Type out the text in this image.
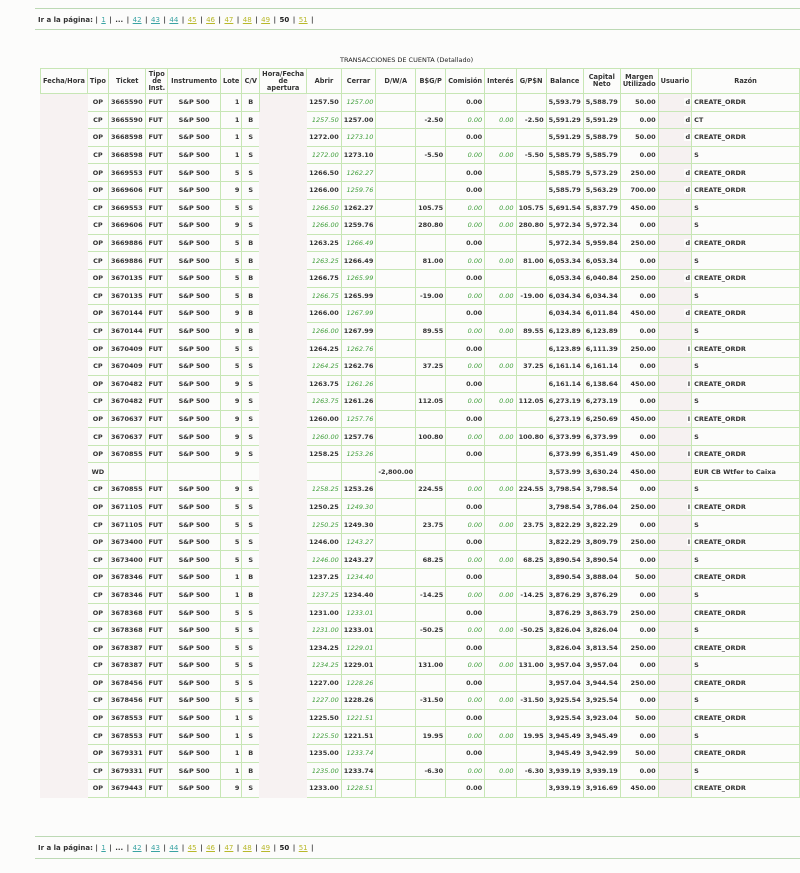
Ir a la página: | 1 | ... | 42 | 43 | 44 | 45 | 46 | 47 | 48 | 49 | 50 | 51 |
TRANSACCIONES DE CUENTA (Detallado)
Fecha/Hora	Tipo	Ticket	Tipo de Inst.	Instrumento	Lote	C/V	Hora/Fecha de apertura	Abrir	Cerrar	D/W/A	B$G/P	Comisión	Interés	G/P$N	Balance	Capital Neto	Margen Utilizado	Usuario	Razón
	OP	3665590	FUT	S&P 500	1	B		1257.50	1257.00			0.00			5,593.79	5,588.79	50.00	d	CREATE_ORDR
	CP	3665590	FUT	S&P 500	1	B		1257.50	1257.00		-2.50	0.00	0.00	-2.50	5,591.29	5,591.29	0.00	d	CT
	OP	3668598	FUT	S&P 500	1	S		1272.00	1273.10			0.00			5,591.29	5,588.79	50.00	d	CREATE_ORDR
	CP	3668598	FUT	S&P 500	1	S		1272.00	1273.10		-5.50	0.00	0.00	-5.50	5,585.79	5,585.79	0.00		S
	OP	3669553	FUT	S&P 500	5	S		1266.50	1262.27			0.00			5,585.79	5,573.29	250.00	d	CREATE_ORDR
	OP	3669606	FUT	S&P 500	9	S		1266.00	1259.76			0.00			5,585.79	5,563.29	700.00	d	CREATE_ORDR
	CP	3669553	FUT	S&P 500	5	S		1266.50	1262.27		105.75	0.00	0.00	105.75	5,691.54	5,837.79	450.00		S
	CP	3669606	FUT	S&P 500	9	S		1266.00	1259.76		280.80	0.00	0.00	280.80	5,972.34	5,972.34	0.00		S
	OP	3669886	FUT	S&P 500	5	B		1263.25	1266.49			0.00			5,972.34	5,959.84	250.00	d	CREATE_ORDR
	CP	3669886	FUT	S&P 500	5	B		1263.25	1266.49		81.00	0.00	0.00	81.00	6,053.34	6,053.34	0.00		S
	OP	3670135	FUT	S&P 500	5	B		1266.75	1265.99			0.00			6,053.34	6,040.84	250.00	d	CREATE_ORDR
	CP	3670135	FUT	S&P 500	5	B		1266.75	1265.99		-19.00	0.00	0.00	-19.00	6,034.34	6,034.34	0.00		S
	OP	3670144	FUT	S&P 500	9	B		1266.00	1267.99			0.00			6,034.34	6,011.84	450.00	d	CREATE_ORDR
	CP	3670144	FUT	S&P 500	9	B		1266.00	1267.99		89.55	0.00	0.00	89.55	6,123.89	6,123.89	0.00		S
	OP	3670409	FUT	S&P 500	5	S		1264.25	1262.76			0.00			6,123.89	6,111.39	250.00	I	CREATE_ORDR
	CP	3670409	FUT	S&P 500	5	S		1264.25	1262.76		37.25	0.00	0.00	37.25	6,161.14	6,161.14	0.00		S
	OP	3670482	FUT	S&P 500	9	S		1263.75	1261.26			0.00			6,161.14	6,138.64	450.00	I	CREATE_ORDR
	CP	3670482	FUT	S&P 500	9	S		1263.75	1261.26		112.05	0.00	0.00	112.05	6,273.19	6,273.19	0.00		S
	OP	3670637	FUT	S&P 500	9	S		1260.00	1257.76			0.00			6,273.19	6,250.69	450.00	I	CREATE_ORDR
	CP	3670637	FUT	S&P 500	9	S		1260.00	1257.76		100.80	0.00	0.00	100.80	6,373.99	6,373.99	0.00		S
	OP	3670855	FUT	S&P 500	9	S		1258.25	1253.26			0.00			6,373.99	6,351.49	450.00	I	CREATE_ORDR
	WD									-2,800.00					3,573.99	3,630.24	450.00		EUR CB Wtfer to Caixa
	CP	3670855	FUT	S&P 500	9	S		1258.25	1253.26		224.55	0.00	0.00	224.55	3,798.54	3,798.54	0.00		S
	OP	3671105	FUT	S&P 500	5	S		1250.25	1249.30			0.00			3,798.54	3,786.04	250.00	I	CREATE_ORDR
	CP	3671105	FUT	S&P 500	5	S		1250.25	1249.30		23.75	0.00	0.00	23.75	3,822.29	3,822.29	0.00		S
	OP	3673400	FUT	S&P 500	5	S		1246.00	1243.27			0.00			3,822.29	3,809.79	250.00	I	CREATE_ORDR
	CP	3673400	FUT	S&P 500	5	S		1246.00	1243.27		68.25	0.00	0.00	68.25	3,890.54	3,890.54	0.00		S
	OP	3678346	FUT	S&P 500	1	B		1237.25	1234.40			0.00			3,890.54	3,888.04	50.00		CREATE_ORDR
	CP	3678346	FUT	S&P 500	1	B		1237.25	1234.40		-14.25	0.00	0.00	-14.25	3,876.29	3,876.29	0.00		S
	OP	3678368	FUT	S&P 500	5	S		1231.00	1233.01			0.00			3,876.29	3,863.79	250.00		CREATE_ORDR
	CP	3678368	FUT	S&P 500	5	S		1231.00	1233.01		-50.25	0.00	0.00	-50.25	3,826.04	3,826.04	0.00		S
	OP	3678387	FUT	S&P 500	5	S		1234.25	1229.01			0.00			3,826.04	3,813.54	250.00		CREATE_ORDR
	CP	3678387	FUT	S&P 500	5	S		1234.25	1229.01		131.00	0.00	0.00	131.00	3,957.04	3,957.04	0.00		S
	OP	3678456	FUT	S&P 500	5	S		1227.00	1228.26			0.00			3,957.04	3,944.54	250.00		CREATE_ORDR
	CP	3678456	FUT	S&P 500	5	S		1227.00	1228.26		-31.50	0.00	0.00	-31.50	3,925.54	3,925.54	0.00		S
	OP	3678553	FUT	S&P 500	1	S		1225.50	1221.51			0.00			3,925.54	3,923.04	50.00		CREATE_ORDR
	CP	3678553	FUT	S&P 500	1	S		1225.50	1221.51		19.95	0.00	0.00	19.95	3,945.49	3,945.49	0.00		S
	OP	3679331	FUT	S&P 500	1	B		1235.00	1233.74			0.00			3,945.49	3,942.99	50.00		CREATE_ORDR
	CP	3679331	FUT	S&P 500	1	B		1235.00	1233.74		-6.30	0.00	0.00	-6.30	3,939.19	3,939.19	0.00		S
	OP	3679443	FUT	S&P 500	9	S		1233.00	1228.51			0.00			3,939.19	3,916.69	450.00		CREATE_ORDR
Ir a la página: | 1 | ... | 42 | 43 | 44 | 45 | 46 | 47 | 48 | 49 | 50 | 51 |
